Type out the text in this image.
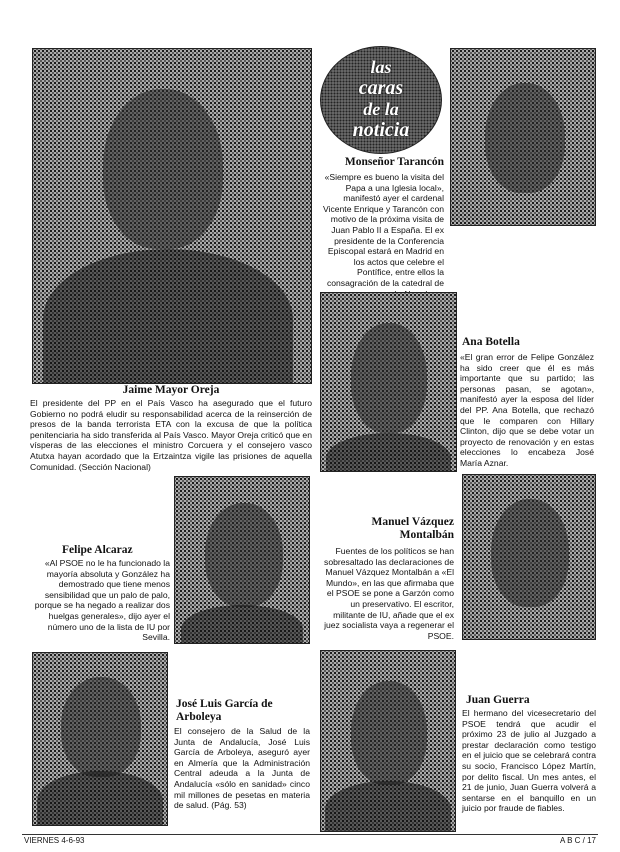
Jaime Mayor Oreja
El presidente del PP en el País Vasco ha asegurado que el futuro Gobierno no podrá eludir su responsabilidad acerca de la reinserción de presos de la banda terrorista ETA con la excusa de que la política penitenciaria ha sido transferida al País Vasco. Mayor Oreja criticó que en vísperas de las elecciones el ministro Corcuera y el consejero vasco Atutxa hayan acordado que la Ertzaintza vigile las prisiones de aquella Comunidad. (Sección Nacional)
las
caras
de la
noticia
Monseñor Tarancón
«Siempre es bueno la visita del Papa a una Iglesia local», manifestó ayer el cardenal Vicente Enrique y Tarancón con motivo de la próxima visita de Juan Pablo II a España. El ex presidente de la Conferencia Episcopal estará en Madrid en los actos que celebre el Pontífice, entre ellos la consagración de la catedral de
Ana Botella
«El gran error de Felipe González ha sido creer que él es más importante que su partido; las personas pasan, se agotan», manifestó ayer la esposa del líder del PP. Ana Botella, que rechazó que le comparen con Hillary Clinton, dijo que se debe votar un proyecto de renovación y en estas elecciones lo encabeza José María Aznar.
Felipe Alcaraz
«Al PSOE no le ha funcionado la mayoría absoluta y González ha demostrado que tiene menos sensibilidad que un palo de palo, porque se ha negado a realizar dos huelgas generales», dijo ayer el número uno de la lista de IU por Sevilla.
Manuel Vázquez Montalbán
Fuentes de los políticos se han sobresaltado las declaraciones de Manuel Vázquez Montalbán a «El Mundo», en las que afirmaba que el PSOE se pone a Garzón como un preservativo. El escritor, militante de IU, añade que el ex juez socialista vaya a regenerar el PSOE.
José Luis García de Arboleya
El consejero de la Salud de la Junta de Andalucía, José Luis García de Arboleya, aseguró ayer en Almería que la Administración Central adeuda a la Junta de Andalucía «sólo en sanidad» cinco mil millones de pesetas en materia de salud. (Pág. 53)
Juan Guerra
El hermano del vicesecretario del PSOE tendrá que acudir el próximo 23 de julio al Juzgado a prestar declaración como testigo en el juicio que se celebrará contra su socio, Francisco López Martín, por delito fiscal. Un mes antes, el 21 de junio, Juan Guerra volverá a sentarse en el banquillo en un juicio por fraude de fiables.
VIERNES 4-6-93	A B C / 17
